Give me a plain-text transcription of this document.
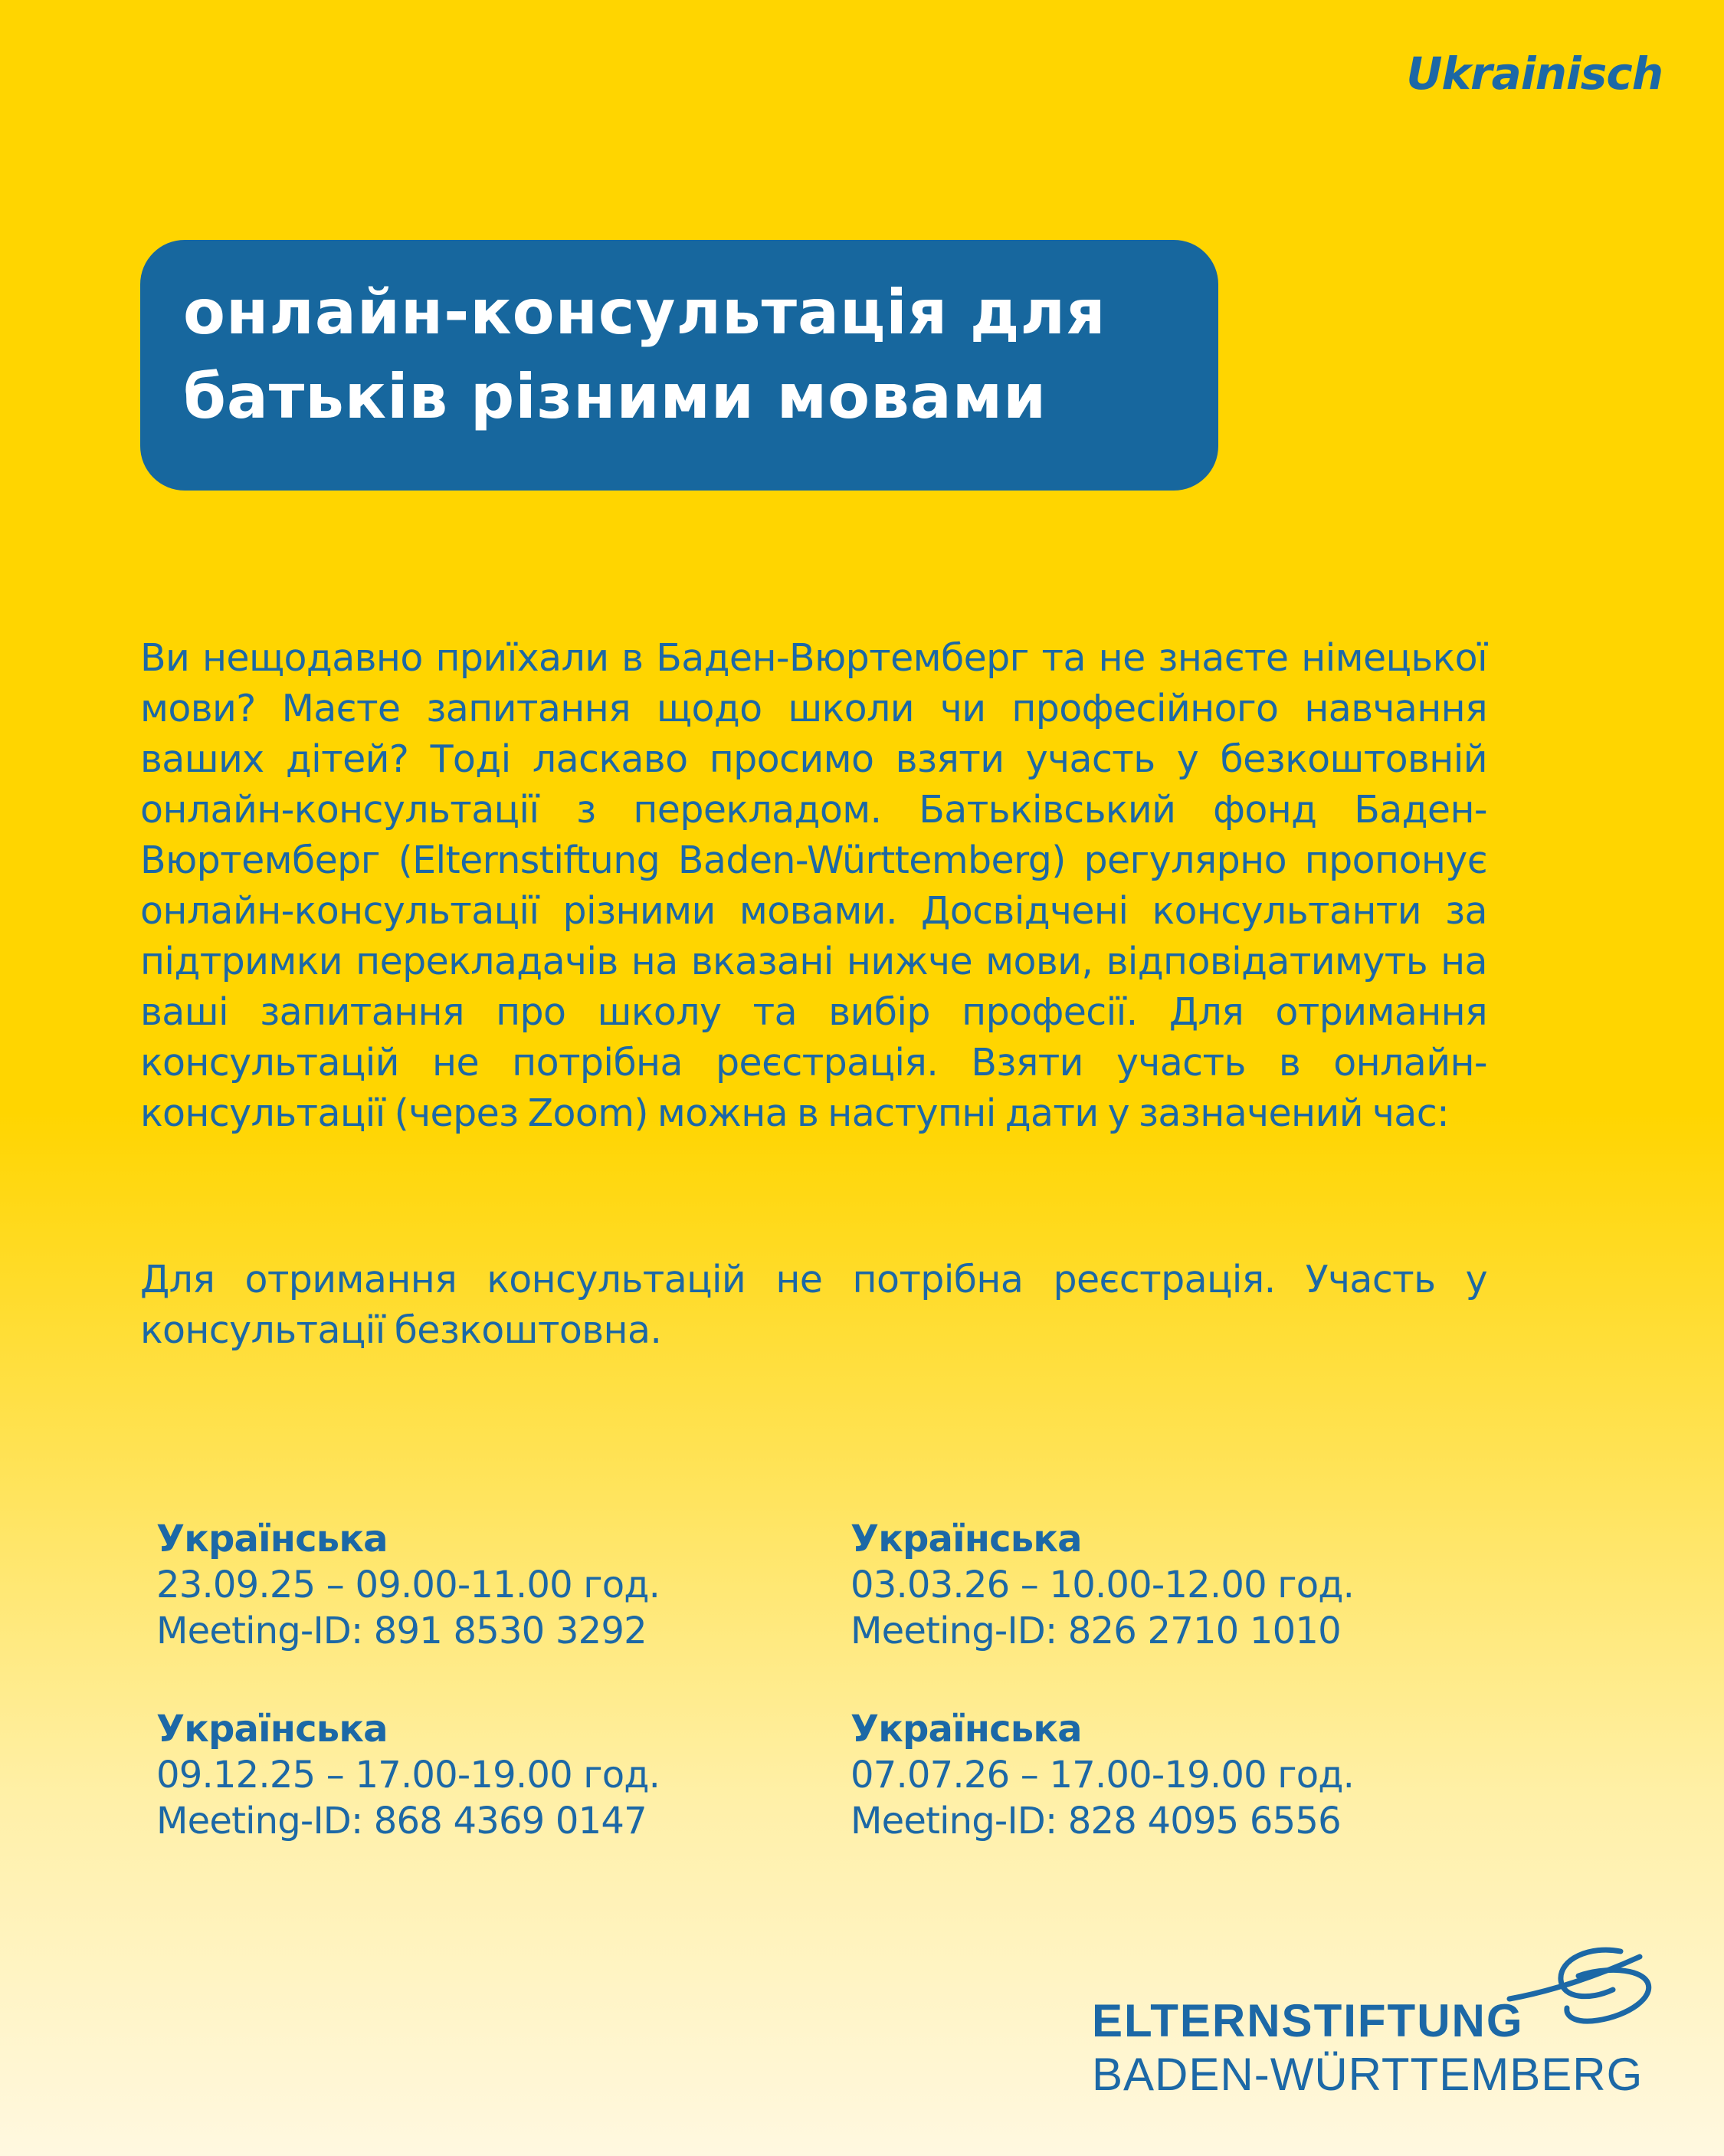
Ukrainisch
онлайн-консультація для
батьків різними мовами
Ви нещодавно приїхали в Баден-Вюртемберг та не знаєте німецької мови? Маєте запитання щодо школи чи професійного навчання ваших дітей? Тоді ласкаво просимо взяти участь у безкоштовній онлайн-консультації з перекладом. Батьківський фонд Баден-Вюртемберг (Elternstiftung Baden-Württemberg) регулярно пропонує онлайн-консультації різними мовами. Досвідчені консультанти за підтримки перекладачів на вказані нижче мови, відповідатимуть на ваші запитання про школу та вибір професії. Для отримання консультацій не потрібна реєстрація. Взяти участь в онлайн-консультації (через Zoom) можна в наступні дати у зазначений час:
Для отримання консультацій не потрібна реєстрація. Участь у консультації безкоштовна.
Українська
23.09.25 – 09.00-11.00 год.
Meeting-ID: 891 8530 3292
Українська
03.03.26 – 10.00-12.00 год.
Meeting-ID: 826 2710 1010
Українська
09.12.25 – 17.00-19.00 год.
Meeting-ID: 868 4369 0147
Українська
07.07.26 – 17.00-19.00 год.
Meeting-ID: 828 4095 6556
ELTERNSTIFTUNG
BADEN-WÜRTTEMBERG
